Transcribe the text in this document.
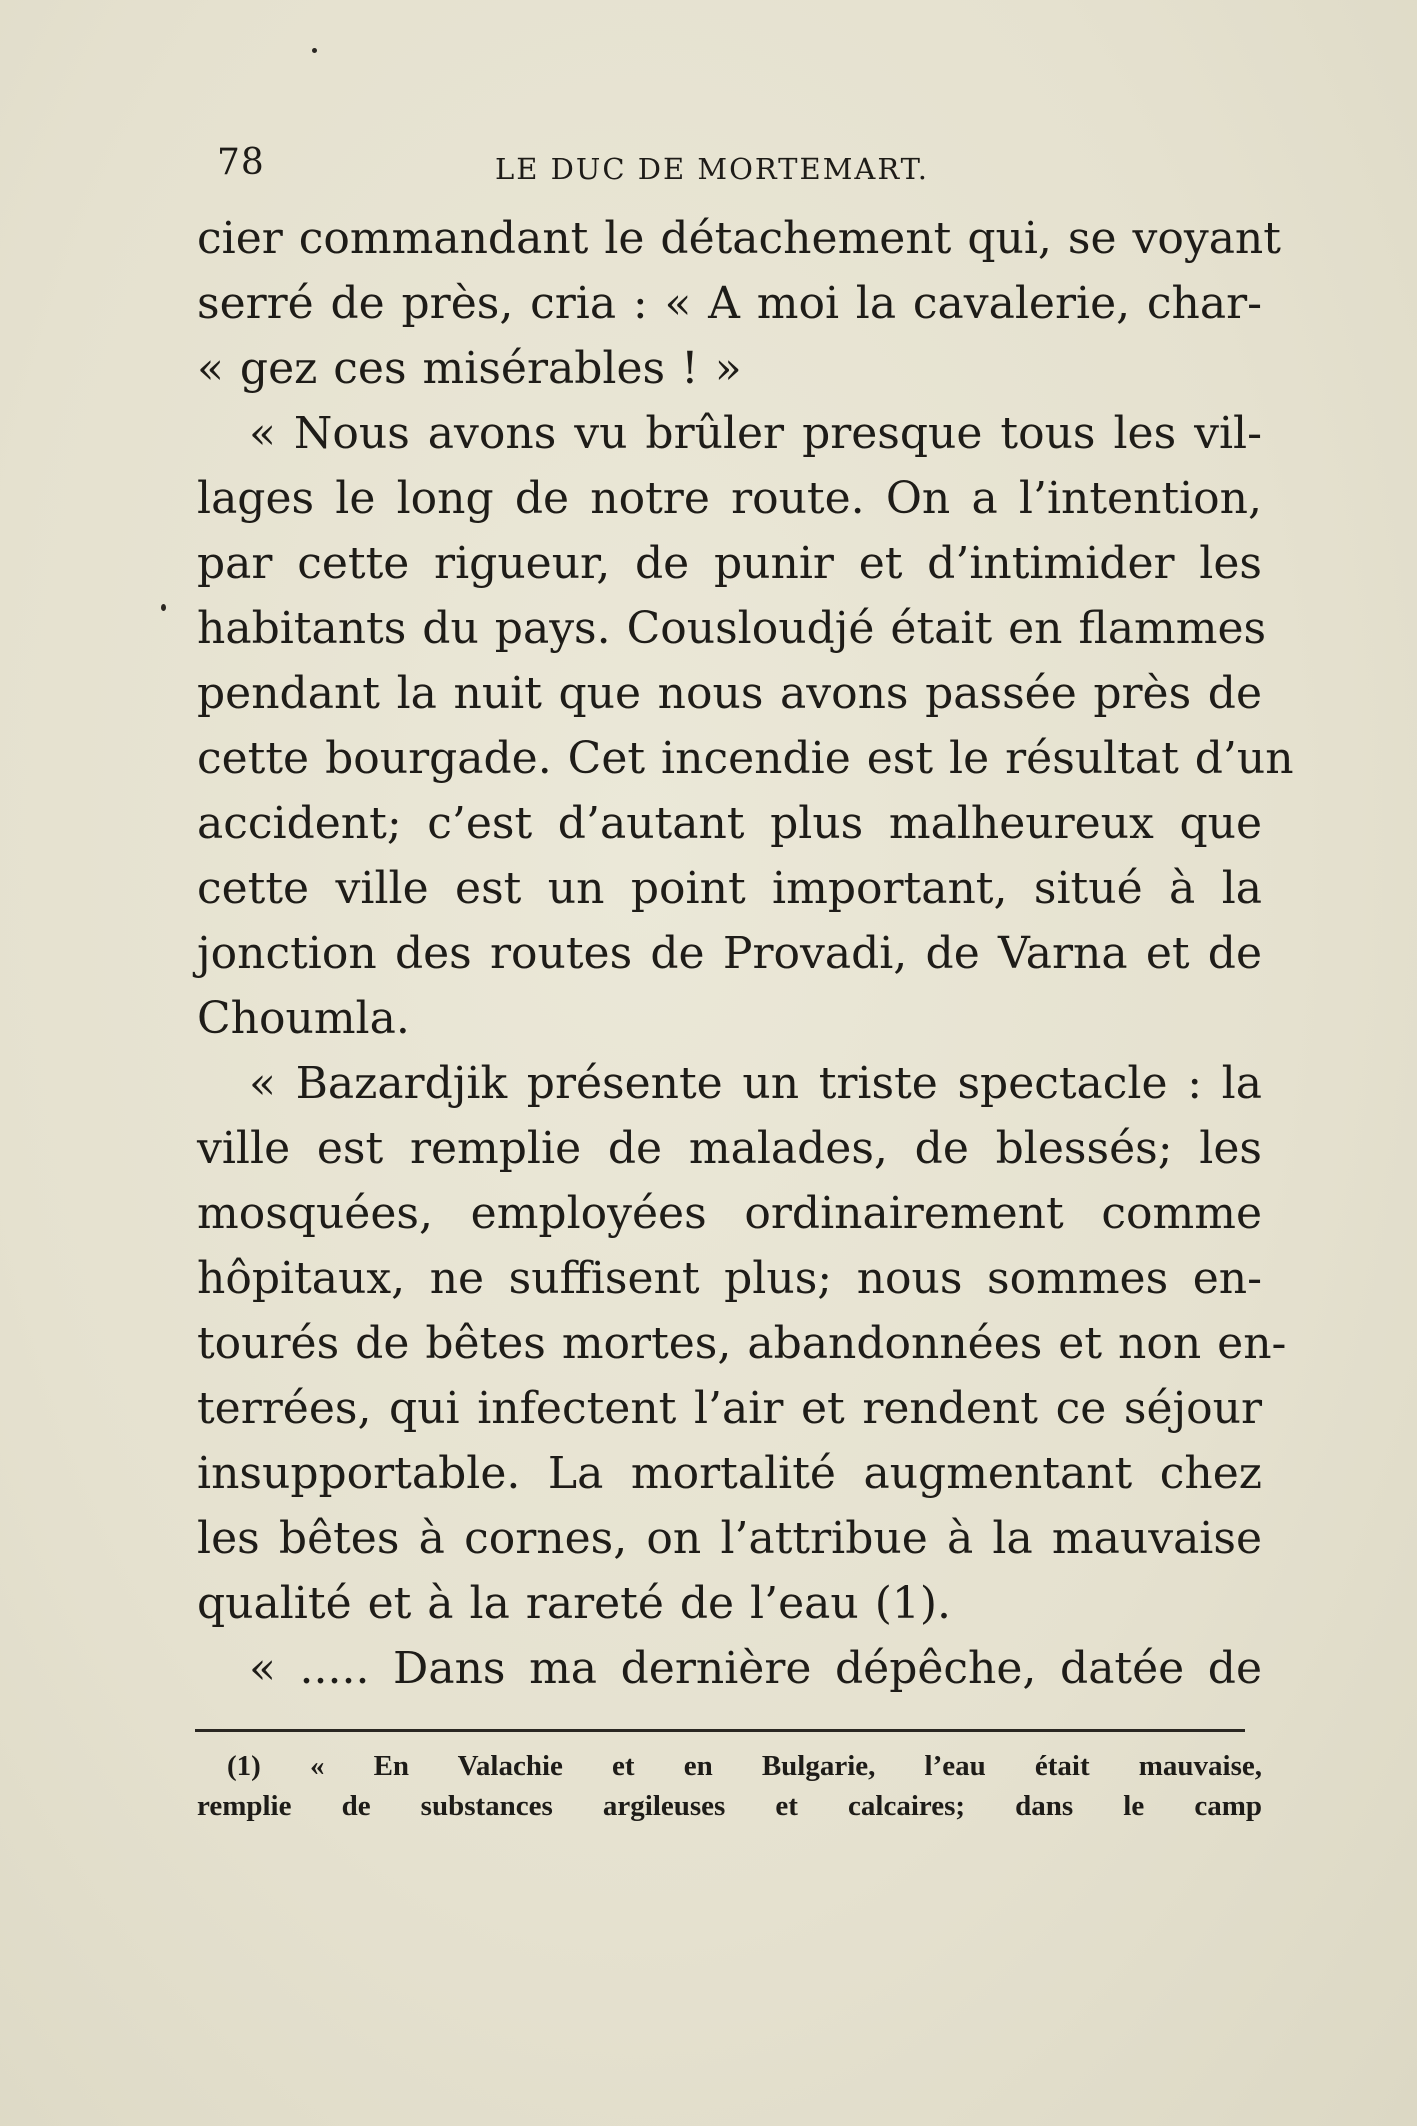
78	LE DUC DE MORTEMART.
cier commandant le détachement qui, se voyant
serré de près, cria : « A moi la cavalerie, char-
« gez ces misérables ! »
« Nous avons vu brûler presque tous les vil-
lages le long de notre route. On a l’intention,
par cette rigueur, de punir et d’intimider les
habitants du pays. Cousloudjé était en flammes
pendant la nuit que nous avons passée près de
cette bourgade. Cet incendie est le résultat d’un
accident; c’est d’autant plus malheureux que
cette ville est un point important, situé à la
jonction des routes de Provadi, de Varna et de
Choumla.
« Bazardjik présente un triste spectacle : la
ville est remplie de malades, de blessés; les
mosquées, employées ordinairement comme
hôpitaux, ne suffisent plus; nous sommes en-
tourés de bêtes mortes, abandonnées et non en-
terrées, qui infectent l’air et rendent ce séjour
insupportable. La mortalité augmentant chez
les bêtes à cornes, on l’attribue à la mauvaise
qualité et à la rareté de l’eau (1).
« ..... Dans ma dernière dépêche, datée de
(1) « En Valachie et en Bulgarie, l’eau était mauvaise,
remplie de substances argileuses et calcaires; dans le camp
